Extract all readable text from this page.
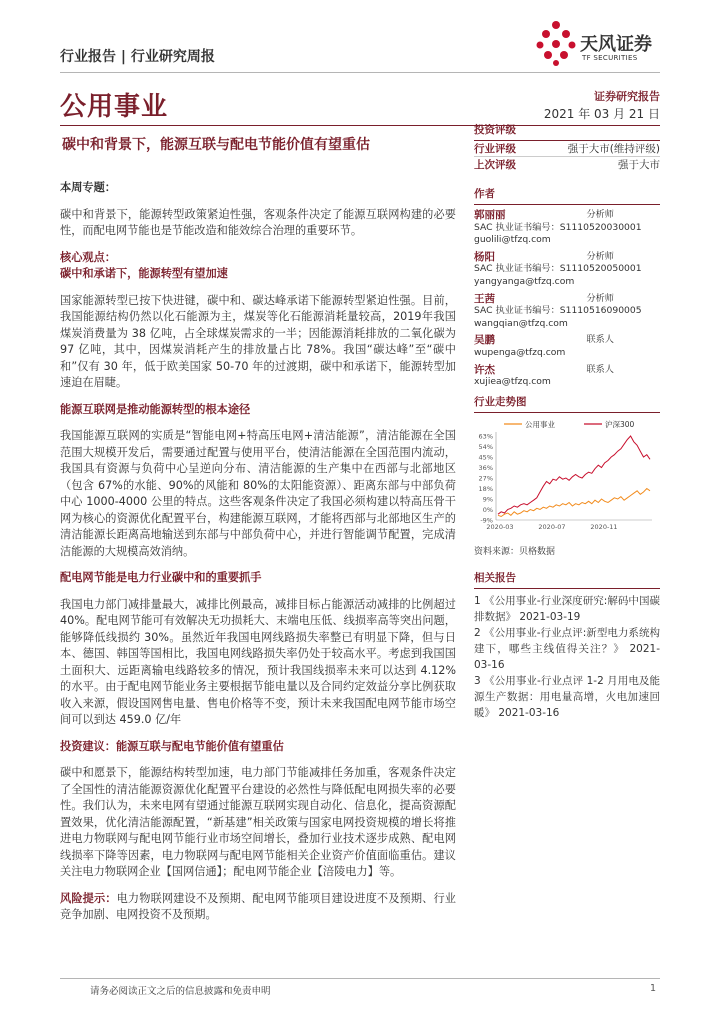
行业报告 | 行业研究周报
天风证券
TF SECURITIES
公用事业	证券研究报告
2021 年 03 月 21 日
碳中和背景下，能源互联与配电节能价值有望重估

本周专题：

碳中和背景下，能源转型政策紧迫性强，客观条件决定了能源互联网构建的必要性，而配电网节能也是节能改造和能效综合治理的重要环节。

核心观点：

碳中和承诺下，能源转型有望加速

国家能源转型已按下快进键，碳中和、碳达峰承诺下能源转型紧迫性强。目前，我国能源结构仍然以化石能源为主，煤炭等化石能源消耗量较高，2019年我国煤炭消费量为 38 亿吨，占全球煤炭需求的一半；因能源消耗排放的二氧化碳为 97 亿吨，其中，因煤炭消耗产生的排放量占比 78%。我国“碳达峰”至“碳中和”仅有 30 年，低于欧美国家 50-70 年的过渡期，碳中和承诺下，能源转型加速迫在眉睫。

能源互联网是推动能源转型的根本途径

我国能源互联网的实质是“智能电网+特高压电网+清洁能源”，清洁能源在全国范围大规模开发后，需要通过配置与使用平台，使清洁能源在全国范围内流动，我国具有资源与负荷中心呈逆向分布、清洁能源的生产集中在西部与北部地区（包含 67%的水能、90%的风能和 80%的太阳能资源）、距离东部与中部负荷中心 1000-4000 公里的特点。这些客观条件决定了我国必须构建以特高压骨干网为核心的资源优化配置平台，构建能源互联网，才能将西部与北部地区生产的清洁能源长距离高地输送到东部与中部负荷中心，并进行智能调节配置，完成清洁能源的大规模高效消纳。

配电网节能是电力行业碳中和的重要抓手

我国电力部门减排量最大，减排比例最高，减排目标占能源活动减排的比例超过 40%。配电网节能可有效解决无功损耗大、末端电压低、线损率高等突出问题，能够降低线损约 30%。虽然近年我国电网线路损失率整已有明显下降，但与日本、德国、韩国等国相比，我国电网线路损失率仍处于较高水平。考虑到我国国土面积大、远距离输电线路较多的情况，预计我国线损率未来可以达到 4.12%的水平。由于配电网节能业务主要根据节能电量以及合同约定效益分享比例获取收入来源，假设国网售电量、售电价格等不变，预计未来我国配电网节能市场空间可以到达 459.0 亿/年

投资建议：能源互联与配电节能价值有望重估

碳中和愿景下，能源结构转型加速，电力部门节能减排任务加重，客观条件决定了全国性的清洁能源资源优化配置平台建设的必然性与降低配电网损失率的必要性。我们认为，未来电网有望通过能源互联网实现自动化、信息化，提高资源配置效果，优化清洁能源配置，“新基建”相关政策与国家电网投资规模的增长将推进电力物联网与配电网节能行业市场空间增长，叠加行业技术逐步成熟、配电网线损率下降等因素，电力物联网与配电网节能相关企业资产价值面临重估。建议关注电力物联网企业【国网信通】；配电网节能企业【涪陵电力】等。

风险提示：电力物联网建设不及预期、配电网节能项目建设进度不及预期、行业竞争加剧、电网投资不及预期。

投资评级
行业评级	强于大市(维持评级)
上次评级	强于大市
作者
郭丽丽	分析师
SAC 执业证书编号：S1110520030001
guolili@tfzq.com
杨阳	分析师
SAC 执业证书编号：S1110520050001
yangyanga@tfzq.com
王茜	分析师
SAC 执业证书编号：S1110516090005
wangqian@tfzq.com
吴鹏	联系人
wupenga@tfzq.com
许杰	联系人
xujiea@tfzq.com
行业走势图
公用事业	沪深300
-9%
0%
9%
18%
27%
36%
45%
54%
63%
2020-03	2020-07	2020-11
资料来源：贝格数据
相关报告
1 《公用事业-行业深度研究:解码中国碳排数据》 2021-03-19
2 《公用事业-行业点评:新型电力系统构建下，哪些主线值得关注？》 2021-03-16
3 《公用事业-行业点评 1-2 月用电及能源生产数据：用电量高增，火电加速回暖》 2021-03-16
请务必阅读正文之后的信息披露和免责申明	1
